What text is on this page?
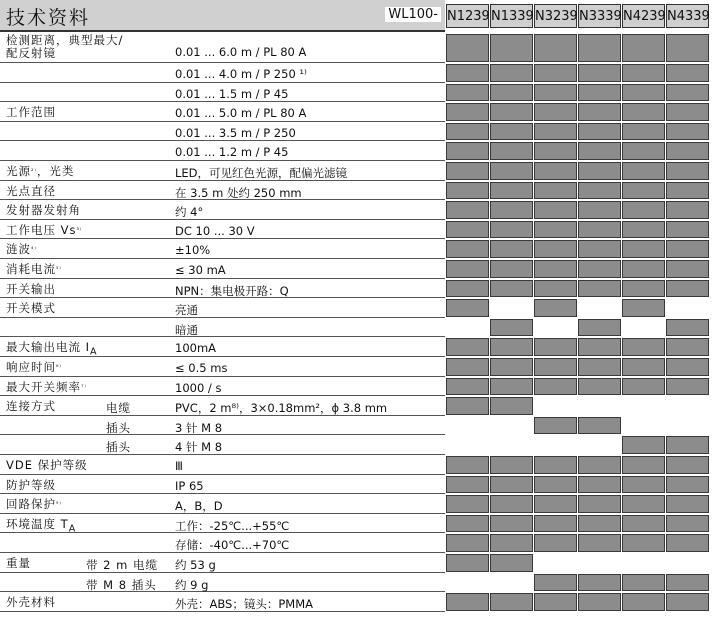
技术资料	WL100- N1239 N1339 N3239 N3339 N4239 N4339
检测距离，典型最大/配反射镜	0.01 ... 6.0 m / PL 80 A
0.01 ... 4.0 m / P 250 ¹⁾
0.01 ... 1.5 m / P 45
工作范围	0.01 ... 5.0 m / PL 80 A
0.01 ... 3.5 m / P 250
0.01 ... 1.2 m / P 45
光源$^{^{2)}}$，光类	LED，可见红色光源，配偏光滤镜
光点直径	在 3.5 m 处约 250 mm
发射器发射角	约 4°
工作电压 $Vs^{^{3)}}$	DC 10 ... 30 V
涟波$^{^{4)}}$	±10%
消耗电流$^{^{5)}}$	≤ 30 mA
开关输出	NPN：集电极开路：Q
开关模式	亮通
暗通
最大输出电流 $I_A$	100mA
响应时间$^{^{6)}}$	≤ 0.5 ms
最大开关频率$^{^{7)}}$	1000 / s
连接方式	电缆	PVC，2 m⁸⁾，3×0.18mm²，ϕ 3.8 mm
插头	3 针 M 8
插头	4 针 M 8
VDE 保护等级	Ⅲ
防护等级	IP 65
回路保护$^{^{9)}}$	A，B，D
环境温度 $T_A$	工作：-25℃...+55℃
存储：-40℃...+70℃
重量	带 2 m 电缆 约 53 g
带 M 8 插头 约 9 g
外壳材料	外壳：ABS；镜头：PMMA
